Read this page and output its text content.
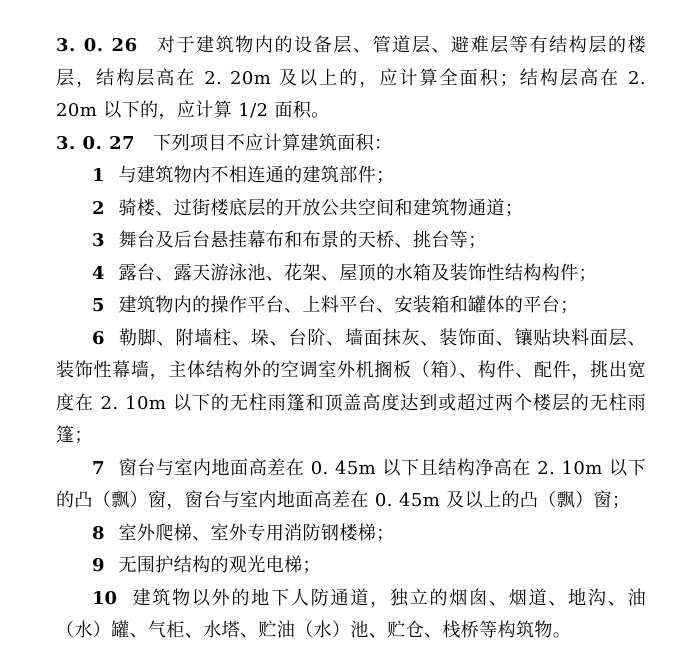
3. 0. 26 对于建筑物内的设备层、管道层、避难层等有结构层的楼层，结构层高在 2. 20m 及以上的，应计算全面积；结构层高在 2. 20m 以下的，应计算 1/2 面积。

3. 0. 27 下列项目不应计算建筑面积：

1 与建筑物内不相连通的建筑部件；

2 骑楼、过街楼底层的开放公共空间和建筑物通道；

3 舞台及后台悬挂幕布和布景的天桥、挑台等；

4 露台、露天游泳池、花架、屋顶的水箱及装饰性结构构件；

5 建筑物内的操作平台、上料平台、安装箱和罐体的平台；

6 勒脚、附墙柱、垛、台阶、墙面抹灰、装饰面、镶贴块料面层、装饰性幕墙，主体结构外的空调室外机搁板（箱）、构件、配件，挑出宽度在 2. 10m 以下的无柱雨篷和顶盖高度达到或超过两个楼层的无柱雨篷；

7 窗台与室内地面高差在 0. 45m 以下且结构净高在 2. 10m 以下的凸（飘）窗，窗台与室内地面高差在 0. 45m 及以上的凸（飘）窗；

8 室外爬梯、室外专用消防钢楼梯；

9 无围护结构的观光电梯；

10 建筑物以外的地下人防通道，独立的烟囱、烟道、地沟、油（水）罐、气柜、水塔、贮油（水）池、贮仓、栈桥等构筑物。
